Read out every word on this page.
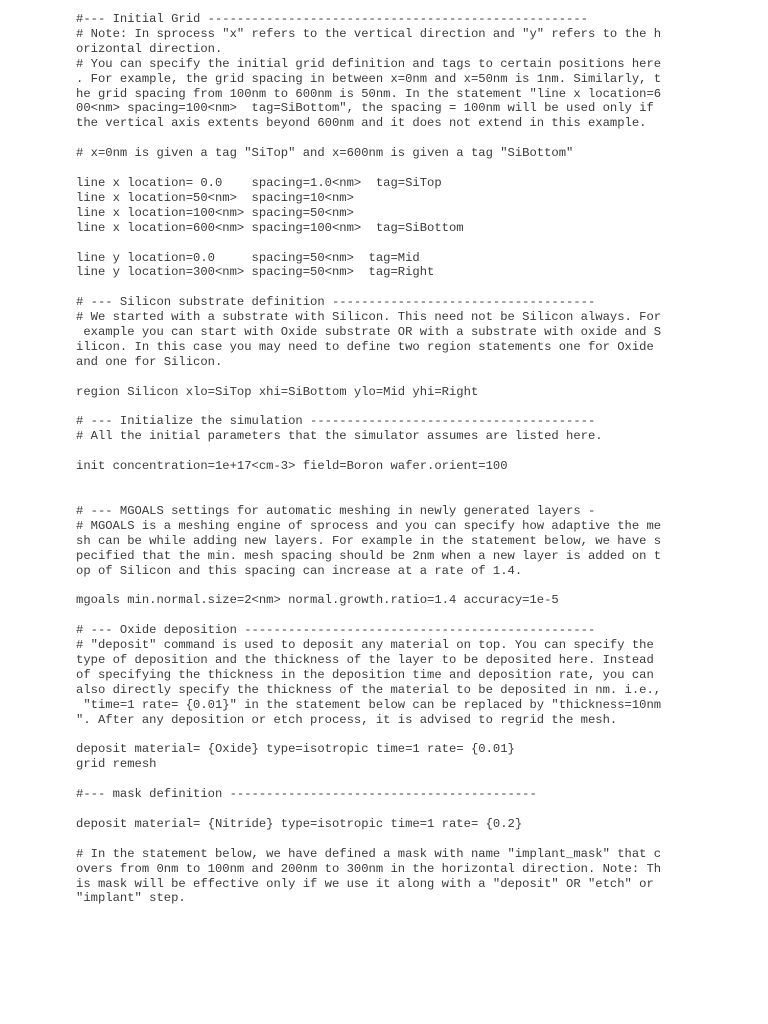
#--- Initial Grid ----------------------------------------------------
# Note: In sprocess "x" refers to the vertical direction and "y" refers to the h
orizontal direction.
# You can specify the initial grid definition and tags to certain positions here
. For example, the grid spacing in between x=0nm and x=50nm is 1nm. Similarly, t
he grid spacing from 100nm to 600nm is 50nm. In the statement "line x location=6
00<nm> spacing=100<nm>  tag=SiBottom", the spacing = 100nm will be used only if
the vertical axis extents beyond 600nm and it does not extend in this example.

# x=0nm is given a tag "SiTop" and x=600nm is given a tag "SiBottom"

line x location= 0.0    spacing=1.0<nm>  tag=SiTop
line x location=50<nm>  spacing=10<nm>
line x location=100<nm> spacing=50<nm>
line x location=600<nm> spacing=100<nm>  tag=SiBottom

line y location=0.0     spacing=50<nm>  tag=Mid
line y location=300<nm> spacing=50<nm>  tag=Right

# --- Silicon substrate definition ------------------------------------
# We started with a substrate with Silicon. This need not be Silicon always. For
example you can start with Oxide substrate OR with a substrate with oxide and S
ilicon. In this case you may need to define two region statements one for Oxide
and one for Silicon.

region Silicon xlo=SiTop xhi=SiBottom ylo=Mid yhi=Right

# --- Initialize the simulation ---------------------------------------
# All the initial parameters that the simulator assumes are listed here.

init concentration=1e+17<cm-3> field=Boron wafer.orient=100

# --- MGOALS settings for automatic meshing in newly generated layers -
# MGOALS is a meshing engine of sprocess and you can specify how adaptive the me
sh can be while adding new layers. For example in the statement below, we have s
pecified that the min. mesh spacing should be 2nm when a new layer is added on t
op of Silicon and this spacing can increase at a rate of 1.4.

mgoals min.normal.size=2<nm> normal.growth.ratio=1.4 accuracy=1e-5

# --- Oxide deposition ------------------------------------------------
# "deposit" command is used to deposit any material on top. You can specify the
type of deposition and the thickness of the layer to be deposited here. Instead
of specifying the thickness in the deposition time and deposition rate, you can
also directly specify the thickness of the material to be deposited in nm. i.e.,
"time=1 rate= {0.01}" in the statement below can be replaced by "thickness=10nm
". After any deposition or etch process, it is advised to regrid the mesh.

deposit material= {Oxide} type=isotropic time=1 rate= {0.01}
grid remesh

#--- mask definition ------------------------------------------

deposit material= {Nitride} type=isotropic time=1 rate= {0.2}

# In the statement below, we have defined a mask with name "implant_mask" that c
overs from 0nm to 100nm and 200nm to 300nm in the horizontal direction. Note: Th
is mask will be effective only if we use it along with a "deposit" OR "etch" or
"implant" step.
